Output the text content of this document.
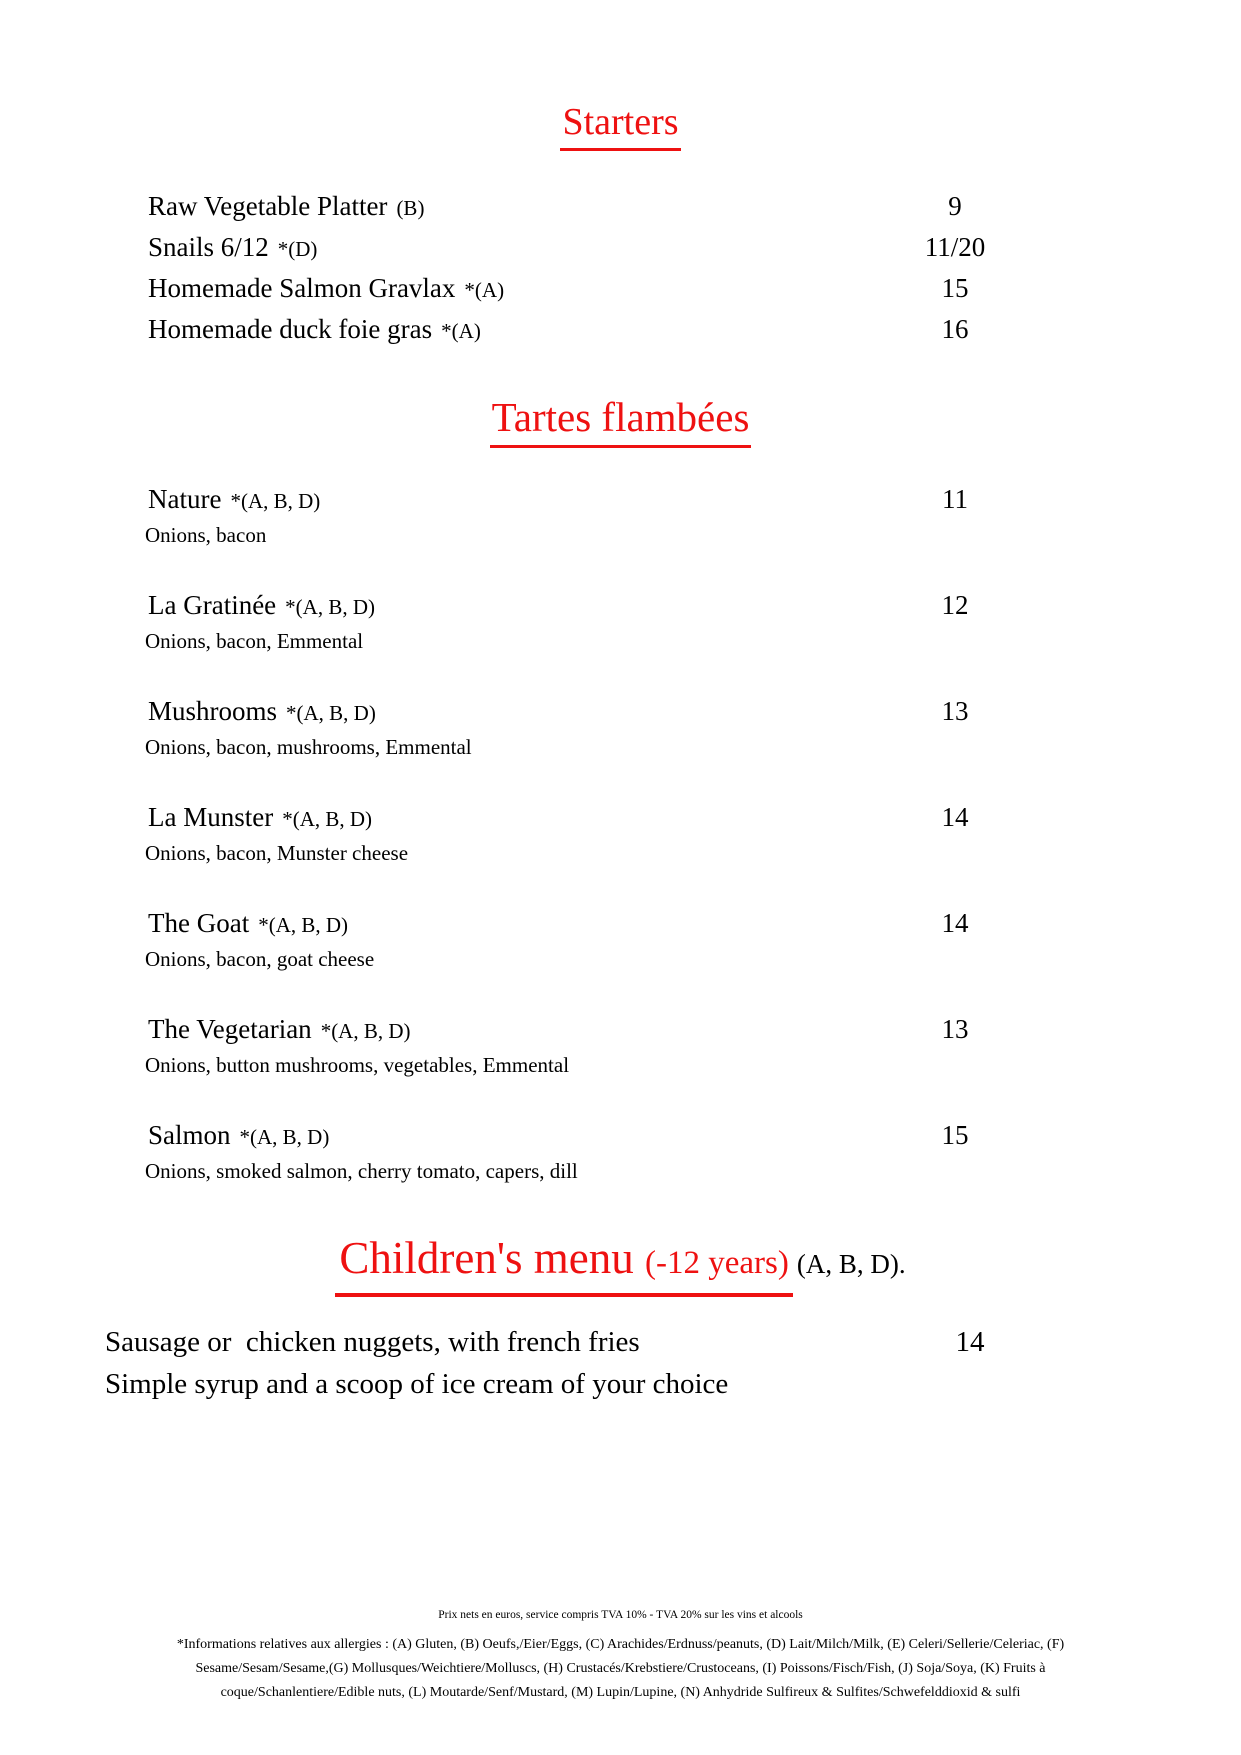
Starters
Raw Vegetable Platter (B)	9
Snails 6/12 *(D)	11/20
Homemade Salmon Gravlax *(A)	15
Homemade duck foie gras *(A)	16
Tartes flambées
Nature *(A, B, D)	11
Onions, bacon
La Gratinée *(A, B, D)	12
Onions, bacon, Emmental
Mushrooms *(A, B, D)	13
Onions, bacon, mushrooms, Emmental
La Munster *(A, B, D)	14
Onions, bacon, Munster cheese
The Goat *(A, B, D)	14
Onions, bacon, goat cheese
The Vegetarian *(A, B, D)	13
Onions, button mushrooms, vegetables, Emmental
Salmon *(A, B, D)	15
Onions, smoked salmon, cherry tomato, capers, dill
Children's menu (-12 years) (A, B, D).
Sausage or  chicken nuggets, with french fries	14
Simple syrup and a scoop of ice cream of your choice

Prix nets en euros, service compris TVA 10% - TVA 20% sur les vins et alcools

*Informations relatives aux allergies : (A) Gluten, (B) Oeufs,/Eier/Eggs, (C) Arachides/Erdnuss/peanuts, (D) Lait/Milch/Milk, (E) Celeri/Sellerie/Celeriac, (F) Sesame/Sesam/Sesame,(G) Mollusques/Weichtiere/Molluscs, (H) Crustacés/Krebstiere/Crustoceans, (I) Poissons/Fisch/Fish, (J) Soja/Soya, (K) Fruits à coque/Schanlentiere/Edible nuts, (L) Moutarde/Senf/Mustard, (M) Lupin/Lupine, (N) Anhydride Sulfireux & Sulfites/Schwefelddioxid & sulfi
